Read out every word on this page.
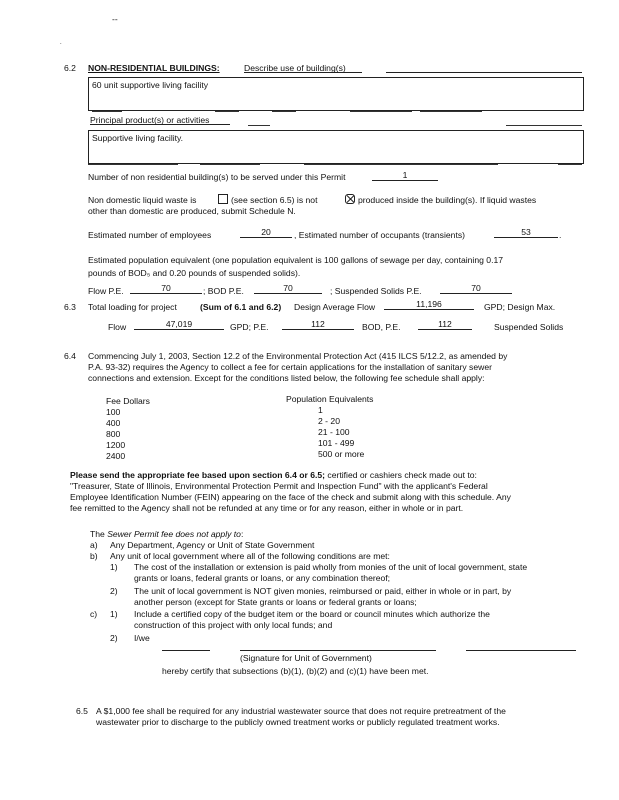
--
.
6.2 NON-RESIDENTIAL BUILDINGS:	Describe use of building(s)
60 unit supportive living facility
Principal product(s) or activities
Supportive living facility.
Number of non residential building(s) to be served under this Permit	1
Non domestic liquid waste is	(see section 6.5) is not	produced inside the building(s). If liquid wastes
other than domestic are produced, submit Schedule N.
Estimated number of employees	20	, Estimated number of occupants (transients)	53	.
Estimated population equivalent (one population equivalent is 100 gallons of sewage per day, containing 0.17
pounds of BOD₅ and 0.20 pounds of suspended solids).
Flow P.E.	70	; BOD P.E.	70	; Suspended Solids P.E.	70
6.3 Total loading for project	(Sum of 6.1 and 6.2) Design Average Flow	11,196	GPD; Design Max.
Flow	47,019	GPD; P.E.	112	BOD, P.E.	112	Suspended Solids
6.4 Commencing July 1, 2003, Section 12.2 of the Environmental Protection Act (415 ILCS 5/12.2, as amended by
P.A. 93-32) requires the Agency to collect a fee for certain applications for the installation of sanitary sewer
connections and extension. Except for the conditions listed below, the following fee schedule shall apply:
Fee Dollars	Population Equivalents
100	1
400	2 - 20
800	21 - 100
1200	101 - 499
2400	500 or more
Please send the appropriate fee based upon section 6.4 or 6.5; certified or cashiers check made out to:
"Treasurer, State of Illinois, Environmental Protection Permit and Inspection Fund" with the applicant's Federal
Employee Identification Number (FEIN) appearing on the face of the check and submit along with this schedule. Any
fee remitted to the Agency shall not be refunded at any time or for any reason, either in whole or in part.
The Sewer Permit fee does not apply to:
a) Any Department, Agency or Unit of State Government
b) Any unit of local government where all of the following conditions are met:
1) The cost of the installation or extension is paid wholly from monies of the unit of local government, state
grants or loans, federal grants or loans, or any combination thereof;
2) The unit of local government is NOT given monies, reimbursed or paid, either in whole or in part, by
another person (except for State grants or loans or federal grants or loans;
c) 1) Include a certified copy of the budget item or the board or council minutes which authorize the
construction of this project with only local funds; and
2) I/we
(Signature for Unit of Government)
hereby certify that subsections (b)(1), (b)(2) and (c)(1) have been met.
6.5 A $1,000 fee shall be required for any industrial wastewater source that does not require pretreatment of the
wastewater prior to discharge to the publicly owned treatment works or publicly regulated treatment works.
